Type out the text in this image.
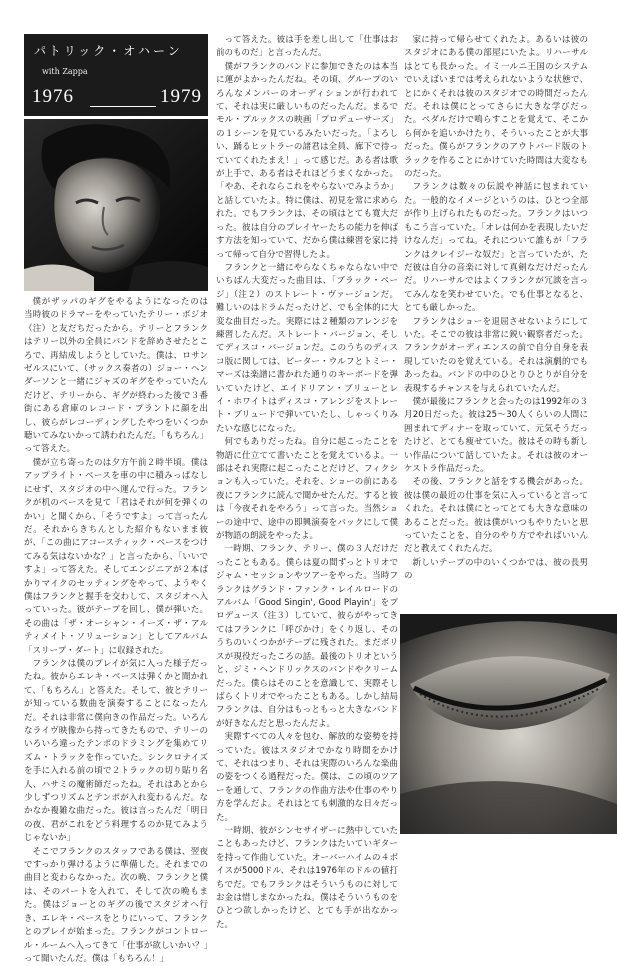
パトリック・オハーン
with Zappa
1976	1979

僕がザッパのギグをやるようになったのは　当時彼のドラマーをやっていたテリー・ボジオ（注）と友だちだったから。テリーとフランクはテリー以外の全員にバンドを辞めさせたところで、再結成しようとしていた。僕は、ロサンゼルスにいて、（サックス奏者の）ジョー・ヘンダーソンと一緒にジャズのギグをやっていたんだけど、テリーから、ギグが終わった後で３番街にある倉庫のレコード・プラントに顔を出し、彼らがレコーディングしたやつをいくつか聴いてみないかって誘われたんだ。「もちろん」って答えた。

僕が立ち寄ったのは夕方午前２時半頃。僕はアップライト・ベースを車の中に積みっぱなしにせず、スタジオの中へ運んで行った。フランクが机のベースを見て「君はそれが何を弾くのかい」と聞くから、「そうですよ」って言ったんだ。それからきちんとした紹介もないまま彼が、「この曲にアコースティック・ベースをつけてみる気はないかな？」と言ったから、「いいですよ」って答えた。そしてエンジニアが２本ばかりマイクのセッティングをやって、ようやく僕はフランクと握手を交わして、スタジオへ入っていった。彼がテープを回し、僕が弾いた。その曲は「ザ・オーシャン・イーズ・ザ・アルティメイト・ソリューション」としてアルバム「スリープ・ダート」に収録された。

フランクは僕のプレイが気に入った様子だったね。彼からエレキ・ベースは弾くかと聞かれて、「もちろん」と答えた。そして、彼とテリーが知っている数曲を演奏することになったんだ。それは非常に僕向きの作品だった。いろんなライヴ映像から持ってきたもので、テリーのいろいろ違ったテンポのドラミングを集めてリズム・トラックを作っていた。シンクロナイズを手に入れる前の頃で２トラックの切り貼り名人、ハサミの魔術師だったね。それはあとから少しずつリズムとテンポが入れ変わるんだ。なかなか複雑な曲だった。彼は言ったんだ「明日の夜、君がこれをどう料理するのか見てみようじゃないか」

そこでフランクのスタッフである僕は、翌夜ですっかり弾けるように準備した。それまでの曲目と変わらなかった。次の晩、フランクと僕は、そのパートを入れて、そして次の晩もまた。僕はジョーとのギグの後でスタジオへ行き、エレキ・ベースをとりにいって、フランクとのプレイが始まった。フランクがコントロール・ルームへ入ってきて「仕事が欲しいかい？」って聞いたんだ。僕は「もちろん！」

って答えた。彼は手を差し出して「仕事はお前のものだ」と言ったんだ。

僕がフランクのバンドに参加できたのは本当に運がよかったんだね。その頃、グループのいろんなメンバーのオーディションが行われてて、それは実に厳しいものだったんだ。まるでモル・プルックスの映画「プロデューサーズ」の１シーンを見ているみたいだった。「よろしい、踊るヒットラーの諸君は全員、廊下で待っていてくれたまえ！」って感じだ。ある者は歌が上手で、ある者はそれほどうまくなかった。「やあ、それならこれをやらないでみようか」と話していたよ。特に僕は、初見を常に求められた。でもフランクは、その頃はとても寛大だった。彼は自分のプレイヤーたちの能力を伸ばす方法を知っていて、だから僕は練習を家に持って帰って自分で習得したよ。

フランクと一緒にやらなくちゃならない中でいちばん大変だった曲目は、「ブラック・ページ」（注２）のストレート・ヴァージョンだ。難しいのはドラムだったけど、でも全体的に大変な曲目だった。実際には２種類のアレンジを練習したんだ。ストレート・バージョン、そしてディスコ・バージョンだ。このうちのディスコ版に関しては、ピーター・ウルフとトミー・マーズは楽譜に書かれた通りのキーボードを弾いていたけど、エイドリアン・ブリューとレイ・ホワイトはディスコ・アレンジをストレート・ブリュードで弾いていたし、しゃっくりみたいな感じになった。

何でもありだったね。自分に起こったことを物語に仕立てて書いたことを覚えているよ。一部はそれ実際に起こったことだけど、フィクションも入っていた。それを、ショーの前にある夜にフランクに読んで聞かせたんだ。すると彼は「今夜それをやろう」って言った。当然ショーの途中で、途中の即興演奏をバックにして僕が物語の朗読をやったよ。

一時期、フランク、テリー、僕の３人だけだったこともある。僕らは夏の間ずっとトリオでジャム・セッションやツアーをやった。当時フランクはグランド・ファンク・レイルロードのアルバム「Good Singin', Good Playin'」をプロデュース（注３）していて、彼らがやってきてはフランクに「呼びかけ」をくり返し、そのうちのいくつかがテープに残された。まだボリスが現役だったころの話。最後のトリオというと、ジミ・ヘンドリックスのバンドやクリームだった。僕らはそのことを意識して、実際そしばらくトリオでやったこともある。しかし結局フランクは、自分はもっともっと大きなバンドが好きなんだと思ったんだよ。

実際すべての人々を包む、解放的な姿勢を持っていた。彼はスタジオでかなり時間をかけて、それはつまり、それは実際のいろんな楽曲の姿をつくる過程だった。僕は、この頃のツアーを通して、フランクの作曲方法や仕事のやり方を学んだよ。それはとても刺激的な日々だった。

一時期、彼がシンセサイザーに熱中していたこともあったけど、フランクはたいていギターを持って作曲していた。オーバーハイムの４ボイスが5000ドル、それは1976年のドルの値打ちでだ。でもフランクはそういうものに対してお金は惜しまなかったね。僕はそういうものをひとつ欲しかったけど、とても手が出なかった。

家に持って帰らせてくれたよ。あるいは彼のスタジオにある僕の部屋にいたよ。リハーサルはとても長かった。イミ一ルニ王国のシステムでいえばいまでは考えられないような状態で、とにかくそれは彼のスタジオでの時間だったんだ。それは僕にとってさらに大きな学びだった。ペダルだけで鳴らすことを覚えて、そこから何かを追いかけたり、そういったことが大事だった。僕らがフランクのアウトバード版のトラックを作ることにかけていた時間は大変なものだった。

フランクは数々の伝説や神話に包まれていた。一般的なイメージというのは、ひとつ全部が作り上げられたものだった。フランクはいつもこう言っていた。「オレは何かを表現したいだけなんだ」ってね。それについて誰もが「フランクはクレイジーな奴だ」と言っていたが、ただ彼は自分の音楽に対して真剣なだけだったんだ。リハーサルではよくフランクが冗談を言ってみんなを笑わせていた。でも仕事となると、とても厳しかった。

フランクはショーを退屈させないようにしていた。そこでの彼は非常に鋭い観察者だった。フランクがオーディエンスの前で自分自身を表現していたのを覚えている。それは演劇的でもあったね。バンドの中のひとりひとりが自分を表現するチャンスを与えられていたんだ。

僕が最後にフランクと会ったのは1992年の３月20日だった。彼は25〜30人くらいの人間に囲まれてディナーを取っていて、元気そうだったけど、とても痩せていた。彼はその時も新しい作品について話していたよ。それは彼のオーケストラ作品だった。

その後、フランクと話をする機会があった。彼は僕の最近の仕事を気に入っていると言ってくれた。それは僕にとってとても大きな意味のあることだった。彼は僕がいつもやりたいと思っていたことを、自分のやり方でやればいいんだと教えてくれたんだ。

新しいテープの中のいくつかでは、彼の長男の
